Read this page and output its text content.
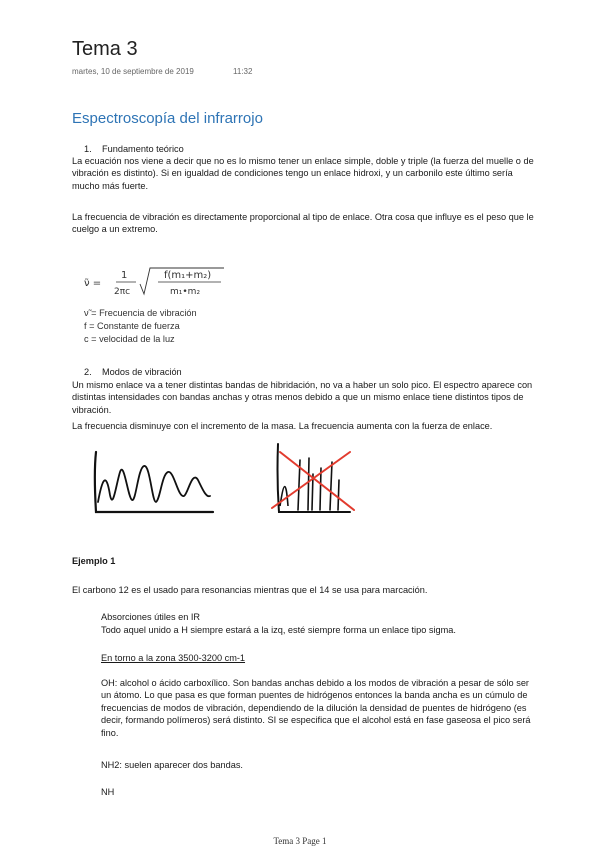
Tema 3
martes, 10 de septiembre de 2019	11:32
Espectroscopía del infrarrojo
1. Fundamento teórico
La ecuación nos viene a decir que no es lo mismo tener un enlace simple, doble y triple (la fuerza del muelle o de vibración es distinto). Si en igualdad de condiciones tengo un enlace hidroxi, y un carbonilo este último sería mucho más fuerte.
La frecuencia de vibración es directamente proporcional al tipo de enlace. Otra cosa que influye es el peso que le cuelgo a un extremo.
ν̃ =
1
2πc
f(m₁+m₂)
m₁•m₂
ν̃ = Frecuencia de vibración
f = Constante de fuerza
c = velocidad de la luz
2. Modos de vibración
Un mismo enlace va a tener distintas bandas de hibridación, no va a haber un solo pico. El espectro aparece con distintas intensidades con bandas anchas y otras menos debido a que un mismo enlace tiene distintos tipos de vibración.
La frecuencia disminuye con el incremento de la masa. La frecuencia aumenta con la fuerza de enlace.
Ejemplo 1
El carbono 12 es el usado para resonancias mientras que el 14 se usa para marcación.
Absorciones útiles en IR
Todo aquel unido a H siempre estará a la izq, esté siempre forma un enlace tipo sigma.
En torno a la zona 3500-3200 cm-1
OH: alcohol o ácido carboxílico. Son bandas anchas debido a los modos de vibración a pesar de sólo ser un átomo. Lo que pasa es que forman puentes de hidrógenos entonces la banda ancha es un cúmulo de frecuencias de modos de vibración, dependiendo de la dilución la densidad de puentes de hidrógeno (es decir, formando polímeros) será distinto. SI se especifica que el alcohol está en fase gaseosa el pico será fino.
NH2: suelen aparecer dos bandas.
NH
Tema 3 Page 1
